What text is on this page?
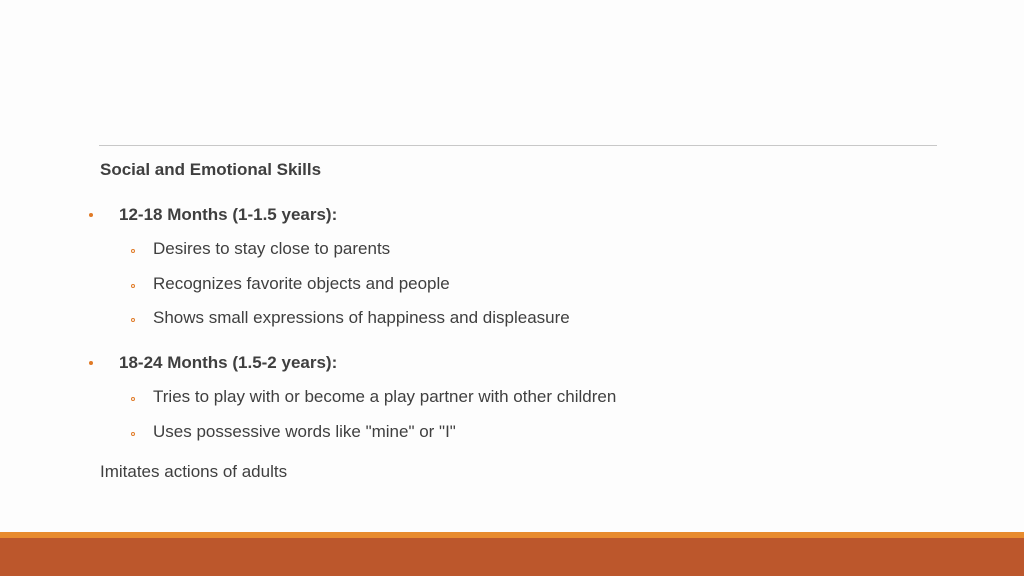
Social and Emotional Skills
12-18 Months (1-1.5 years):
Desires to stay close to parents
Recognizes favorite objects and people
Shows small expressions of happiness and displeasure
18-24 Months (1.5-2 years):
Tries to play with or become a play partner with other children
Uses possessive words like "mine" or "I"
Imitates actions of adults
